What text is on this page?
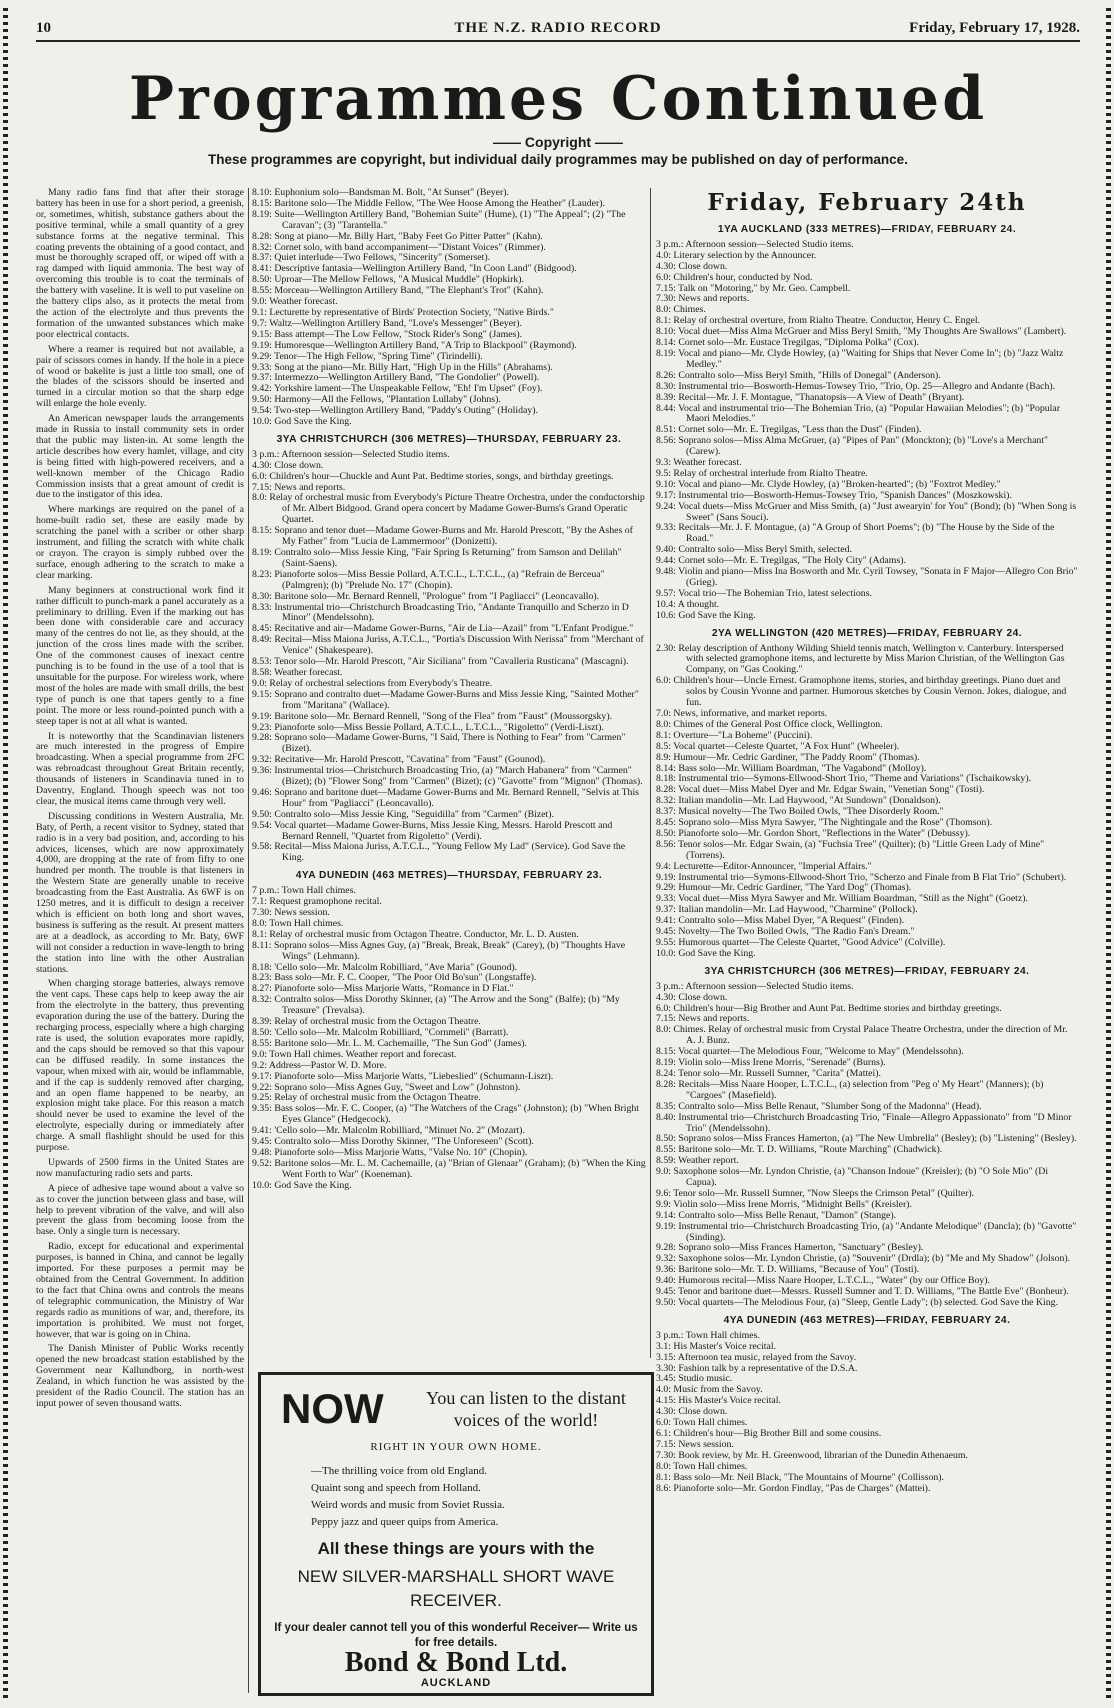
10	THE N.Z. RADIO RECORD	Friday, February 17, 1928.
Programmes Continued
—— Copyright ——
These programmes are copyright, but individual daily programmes may be published on day of performance.

Many radio fans find that after their storage battery has been in use for a short period, a greenish, or, sometimes, whitish, substance gathers about the positive terminal, while a small quantity of a grey substance forms at the negative terminal. This coating prevents the obtaining of a good contact, and must be thoroughly scraped off, or wiped off with a rag damped with liquid ammonia. The best way of overcoming this trouble is to coat the terminals of the battery with vaseline. It is well to put vaseline on the battery clips also, as it protects the metal from the action of the electrolyte and thus prevents the formation of the unwanted substances which make poor electrical contacts.

Where a reamer is required but not available, a pair of scissors comes in handy. If the hole in a piece of wood or bakelite is just a little too small, one of the blades of the scissors should be inserted and turned in a circular motion so that the sharp edge will enlarge the hole evenly.

An American newspaper lauds the arrangements made in Russia to install community sets in order that the public may listen-in. At some length the article describes how every hamlet, village, and city is being fitted with high-powered receivers, and a well-known member of the Chicago Radio Commission insists that a great amount of credit is due to the instigator of this idea.

Where markings are required on the panel of a home-built radio set, these are easily made by scratching the panel with a scriber or other sharp instrument, and filling the scratch with white chalk or crayon. The crayon is simply rubbed over the surface, enough adhering to the scratch to make a clear marking.

Many beginners at constructional work find it rather difficult to punch-mark a panel accurately as a preliminary to drilling. Even if the marking out has been done with considerable care and accuracy many of the centres do not lie, as they should, at the junction of the cross lines made with the scriber. One of the commonest causes of inexact centre punching is to be found in the use of a tool that is unsuitable for the purpose. For wireless work, where most of the holes are made with small drills, the best type of punch is one that tapers gently to a fine point. The more or less round-pointed punch with a steep taper is not at all what is wanted.

It is noteworthy that the Scandinavian listeners are much interested in the progress of Empire broadcasting. When a special programme from 2FC was rebroadcast throughout Great Britain recently, thousands of listeners in Scandinavia tuned in to Daventry, England. Though speech was not too clear, the musical items came through very well.

Discussing conditions in Western Australia, Mr. Baty, of Perth, a recent visitor to Sydney, stated that radio is in a very bad position, and, according to his advices, licenses, which are now approximately 4,000, are dropping at the rate of from fifty to one hundred per month. The trouble is that listeners in the Western State are generally unable to receive broadcasting from the East Australia. As 6WF is on 1250 metres, and it is difficult to design a receiver which is efficient on both long and short waves, business is suffering as the result. At present matters are at a deadlock, as according to Mr. Baty, 6WF will not consider a reduction in wave-length to bring the station into line with the other Australian stations.

When charging storage batteries, always remove the vent caps. These caps help to keep away the air from the electrolyte in the battery, thus preventing evaporation during the use of the battery. During the recharging process, especially where a high charging rate is used, the solution evaporates more rapidly, and the caps should be removed so that this vapour can be diffused readily. In some instances the vapour, when mixed with air, would be inflammable, and if the cap is suddenly removed after charging, and an open flame happened to be nearby, an explosion might take place. For this reason a match should never be used to examine the level of the electrolyte, especially during or immediately after charge. A small flashlight should be used for this purpose.

Upwards of 2500 firms in the United States are now manufacturing radio sets and parts.

A piece of adhesive tape wound about a valve so as to cover the junction between glass and base, will help to prevent vibration of the valve, and will also prevent the glass from becoming loose from the base. Only a single turn is necessary.

Radio, except for educational and experimental purposes, is banned in China, and cannot be legally imported. For these purposes a permit may be obtained from the Central Government. In addition to the fact that China owns and controls the means of telegraphic communication, the Ministry of War regards radio as munitions of war, and, therefore, its importation is prohibited. We must not forget, however, that war is going on in China.

The Danish Minister of Public Works recently opened the new broadcast station established by the Government near Kallundborg, in north-west Zealand, in which function he was assisted by the president of the Radio Council. The station has an input power of seven thousand watts.

8.10: Euphonium solo—Bandsman M. Bolt, "At Sunset" (Beyer).
8.15: Baritone solo—The Middle Fellow, "The Wee Hoose Among the Heather" (Lauder).
8.19: Suite—Wellington Artillery Band, "Bohemian Suite" (Hume), (1) "The Appeal"; (2) "The Caravan"; (3) "Tarantella."
8.28: Song at piano—Mr. Billy Hart, "Baby Feet Go Pitter Patter" (Kahn).
8.32: Cornet solo, with band accompaniment—"Distant Voices" (Rimmer).
8.37: Quiet interlude—Two Fellows, "Sincerity" (Somerset).
8.41: Descriptive fantasia—Wellington Artillery Band, "In Coon Land" (Bidgood).
8.50: Uproar—The Mellow Fellows, "A Musical Muddle" (Hopkirk).
8.55: Morceau—Wellington Artillery Band, "The Elephant's Trot" (Kahn).
9.0: Weather forecast.
9.1: Lecturette by representative of Birds' Protection Society, "Native Birds."
9.7: Waltz—Wellington Artillery Band, "Love's Messenger" (Beyer).
9.15: Bass attempt—The Low Fellow, "Stock Rider's Song" (James).
9.19: Humoresque—Wellington Artillery Band, "A Trip to Blackpool" (Raymond).
9.29: Tenor—The High Fellow, "Spring Time" (Tirindelli).
9.33: Song at the piano—Mr. Billy Hart, "High Up in the Hills" (Abrahams).
9.37: Intermezzo—Wellington Artillery Band, "The Gondolier" (Powell).
9.42: Yorkshire lament—The Unspeakable Fellow, "Eh! I'm Upset" (Foy).
9.50: Harmony—All the Fellows, "Plantation Lullaby" (Johns).
9.54: Two-step—Wellington Artillery Band, "Paddy's Outing" (Holiday).
10.0: God Save the King.
3YA CHRISTCHURCH (306 METRES)—THURSDAY, FEBRUARY 23.
3 p.m.: Afternoon session—Selected Studio items.
4.30: Close down.
6.0: Children's hour—Chuckle and Aunt Pat. Bedtime stories, songs, and birthday greetings.
7.15: News and reports.
8.0: Relay of orchestral music from Everybody's Picture Theatre Orchestra, under the conductorship of Mr. Albert Bidgood. Grand opera concert by Madame Gower-Burns's Grand Operatic Quartet.
8.15: Soprano and tenor duet—Madame Gower-Burns and Mr. Harold Prescott, "By the Ashes of My Father" from "Lucia de Lammermoor" (Donizetti).
8.19: Contralto solo—Miss Jessie King, "Fair Spring Is Returning" from Samson and Delilah" (Saint-Saens).
8.23: Pianoforte solos—Miss Bessie Pollard, A.T.C.L., L.T.C.L., (a) "Refrain de Berceua" (Palmgren); (b) "Prelude No. 17" (Chopin).
8.30: Baritone solo—Mr. Bernard Rennell, "Prologue" from "I Pagliacci" (Leoncavallo).
8.33: Instrumental trio—Christchurch Broadcasting Trio, "Andante Tranquillo and Scherzo in D Minor" (Mendelssohn).
8.45: Recitative and air—Madame Gower-Burns, "Air de Lia—Azail" from "L'Enfant Prodigue."
8.49: Recital—Miss Maiona Juriss, A.T.C.L., "Portia's Discussion With Nerissa" from "Merchant of Venice" (Shakespeare).
8.53: Tenor solo—Mr. Harold Prescott, "Air Siciliana" from "Cavalleria Rusticana" (Mascagni).
8.58: Weather forecast.
9.0: Relay of orchestral selections from Everybody's Theatre.
9.15: Soprano and contralto duet—Madame Gower-Burns and Miss Jessie King, "Sainted Mother" from "Maritana" (Wallace).
9.19: Baritone solo—Mr. Bernard Rennell, "Song of the Flea" from "Faust" (Moussorgsky).
9.23: Pianoforte solo—Miss Bessie Pollard, A.T.C.L., L.T.C.L., "Rigoletto" (Verdi-Liszt).
9.28: Soprano solo—Madame Gower-Burns, "I Said, There is Nothing to Fear" from "Carmen" (Bizet).
9.32: Recitative—Mr. Harold Prescott, "Cavatina" from "Faust" (Gounod).
9.36: Instrumental trios—Christchurch Broadcasting Trio, (a) "March Habanera" from "Carmen" (Bizet); (b) "Flower Song" from "Carmen" (Bizet); (c) "Gavotte" from "Mignon" (Thomas).
9.46: Soprano and baritone duet—Madame Gower-Burns and Mr. Bernard Rennell, "Selvis at This Hour" from "Pagliacci" (Leoncavallo).
9.50: Contralto solo—Miss Jessie King, "Seguidilla" from "Carmen" (Bizet).
9.54: Vocal quartet—Madame Gower-Burns, Miss Jessie King, Messrs. Harold Prescott and Bernard Rennell, "Quartet from Rigoletto" (Verdi).
9.58: Recital—Miss Maiona Juriss, A.T.C.L., "Young Fellow My Lad" (Service). God Save the King.
4YA DUNEDIN (463 METRES)—THURSDAY, FEBRUARY 23.
7 p.m.: Town Hall chimes.
7.1: Request gramophone recital.
7.30: News session.
8.0: Town Hall chimes.
8.1: Relay of orchestral music from Octagon Theatre. Conductor, Mr. L. D. Austen.
8.11: Soprano solos—Miss Agnes Guy, (a) "Break, Break, Break" (Carey), (b) "Thoughts Have Wings" (Lehmann).
8.18: 'Cello solo—Mr. Malcolm Robilliard, "Ave Maria" (Gounod).
8.23: Bass solo—Mr. F. C. Cooper, "The Poor Old Bo'sun" (Longstaffe).
8.27: Pianoforte solo—Miss Marjorie Watts, "Romance in D Flat."
8.32: Contralto solos—Miss Dorothy Skinner, (a) "The Arrow and the Song" (Balfe); (b) "My Treasure" (Trevalsa).
8.39: Relay of orchestral music from the Octagon Theatre.
8.50: 'Cello solo—Mr. Malcolm Robilliard, "Cornmeli" (Barratt).
8.55: Baritone solo—Mr. L. M. Cachemaille, "The Sun God" (James).
9.0: Town Hall chimes. Weather report and forecast.
9.2: Address—Pastor W. D. More.
9.17: Pianoforte solo—Miss Marjorie Watts, "Liebeslied" (Schumann-Liszt).
9.22: Soprano solo—Miss Agnes Guy, "Sweet and Low" (Johnston).
9.25: Relay of orchestral music from the Octagon Theatre.
9.35: Bass solos—Mr. F. C. Cooper, (a) "The Watchers of the Crags" (Johnston); (b) "When Bright Eyes Glance" (Hedgecock).
9.41: 'Cello solo—Mr. Malcolm Robilliard, "Minuet No. 2" (Mozart).
9.45: Contralto solo—Miss Dorothy Skinner, "The Unforeseen" (Scott).
9.48: Pianoforte solo—Miss Marjorie Watts, "Valse No. 10" (Chopin).
9.52: Baritone solos—Mr. L. M. Cachemaille, (a) "Brian of Glenaar" (Graham); (b) "When the King Went Forth to War" (Koeneman).
10.0: God Save the King.
NOW	You can listen to the distant voices of the world!
RIGHT IN YOUR OWN HOME.
—The thrilling voice from old England.
Quaint song and speech from Holland.
Weird words and music from Soviet Russia.
Peppy jazz and queer quips from America.
All these things are yours with the
NEW SILVER-MARSHALL SHORT WAVE RECEIVER.
If your dealer cannot tell you of this wonderful Receiver— Write us for free details.
Bond & Bond Ltd.
AUCKLAND
Friday, February 24th
1YA AUCKLAND (333 METRES)—FRIDAY, FEBRUARY 24.
3 p.m.: Afternoon session—Selected Studio items.
4.0: Literary selection by the Announcer.
4.30: Close down.
6.0: Children's hour, conducted by Nod.
7.15: Talk on "Motoring," by Mr. Geo. Campbell.
7.30: News and reports.
8.0: Chimes.
8.1: Relay of orchestral overture, from Rialto Theatre. Conductor, Henry C. Engel.
8.10: Vocal duet—Miss Alma McGruer and Miss Beryl Smith, "My Thoughts Are Swallows" (Lambert).
8.14: Cornet solo—Mr. Eustace Tregilgas, "Diploma Polka" (Cox).
8.19: Vocal and piano—Mr. Clyde Howley, (a) "Waiting for Ships that Never Come In"; (b) "Jazz Waltz Medley."
8.26: Contralto solo—Miss Beryl Smith, "Hills of Donegal" (Anderson).
8.30: Instrumental trio—Bosworth-Hemus-Towsey Trio, "Trio, Op. 25—Allegro and Andante (Bach).
8.39: Recital—Mr. J. F. Montague, "Thanatopsis—A View of Death" (Bryant).
8.44: Vocal and instrumental trio—The Bohemian Trio, (a) "Popular Hawaiian Melodies"; (b) "Popular Maori Melodies."
8.51: Cornet solo—Mr. E. Tregilgas, "Less than the Dust" (Finden).
8.56: Soprano solos—Miss Alma McGruer, (a) "Pipes of Pan" (Monckton); (b) "Love's a Merchant" (Carew).
9.3: Weather forecast.
9.5: Relay of orchestral interlude from Rialto Theatre.
9.10: Vocal and piano—Mr. Clyde Howley, (a) "Broken-hearted"; (b) "Foxtrot Medley."
9.17: Instrumental trio—Bosworth-Hemus-Towsey Trio, "Spanish Dances" (Moszkowski).
9.24: Vocal duets—Miss McGruer and Miss Smith, (a) "Just awearyin' for You" (Bond); (b) "When Song is Sweet" (Sans Souci).
9.33: Recitals—Mr. J. F. Montague, (a) "A Group of Short Poems"; (b) "The House by the Side of the Road."
9.40: Contralto solo—Miss Beryl Smith, selected.
9.44: Cornet solo—Mr. E. Tregilgas, "The Holy City" (Adams).
9.48: Violin and piano—Miss Ina Bosworth and Mr. Cyril Towsey, "Sonata in F Major—Allegro Con Brio" (Grieg).
9.57: Vocal trio—The Bohemian Trio, latest selections.
10.4: A thought.
10.6: God Save the King.
2YA WELLINGTON (420 METRES)—FRIDAY, FEBRUARY 24.
2.30: Relay description of Anthony Wilding Shield tennis match, Wellington v. Canterbury. Interspersed with selected gramophone items, and lecturette by Miss Marion Christian, of the Wellington Gas Company, on "Gas Cooking."
6.0: Children's hour—Uncle Ernest. Gramophone items, stories, and birthday greetings. Piano duet and solos by Cousin Yvonne and partner. Humorous sketches by Cousin Vernon. Jokes, dialogue, and fun.
7.0: News, informative, and market reports.
8.0: Chimes of the General Post Office clock, Wellington.
8.1: Overture—"La Boheme" (Puccini).
8.5: Vocal quartet—Celeste Quartet, "A Fox Hunt" (Wheeler).
8.9: Humour—Mr. Cedric Gardiner, "The Paddy Room" (Thomas).
8.14: Bass solo—Mr. William Boardman, "The Vagabond" (Molloy).
8.18: Instrumental trio—Symons-Ellwood-Short Trio, "Theme and Variations" (Tschaikowsky).
8.28: Vocal duet—Miss Mabel Dyer and Mr. Edgar Swain, "Venetian Song" (Tosti).
8.32: Italian mandolin—Mr. Lad Haywood, "At Sundown" (Donaldson).
8.37: Musical novelty—The Two Boiled Owls, "Thee Disorderly Room."
8.45: Soprano solo—Miss Myra Sawyer, "The Nightingale and the Rose" (Thomson).
8.50: Pianoforte solo—Mr. Gordon Short, "Reflections in the Water" (Debussy).
8.56: Tenor solos—Mr. Edgar Swain, (a) "Fuchsia Tree" (Quilter); (b) "Little Green Lady of Mine" (Torrens).
9.4: Lecturette—Editor-Announcer, "Imperial Affairs."
9.19: Instrumental trio—Symons-Ellwood-Short Trio, "Scherzo and Finale from B Flat Trio" (Schubert).
9.29: Humour—Mr. Cedric Gardiner, "The Yard Dog" (Thomas).
9.33: Vocal duet—Miss Myra Sawyer and Mr. William Boardman, "Still as the Night" (Goetz).
9.37: Italian mandolin—Mr. Lad Haywood, "Charmine" (Pollock).
9.41: Contralto solo—Miss Mabel Dyer, "A Request" (Finden).
9.45: Novelty—The Two Boiled Owls, "The Radio Fan's Dream."
9.55: Humorous quartet—The Celeste Quartet, "Good Advice" (Colville).
10.0: God Save the King.
3YA CHRISTCHURCH (306 METRES)—FRIDAY, FEBRUARY 24.
3 p.m.: Afternoon session—Selected Studio items.
4.30: Close down.
6.0: Children's hour—Big Brother and Aunt Pat. Bedtime stories and birthday greetings.
7.15: News and reports.
8.0: Chimes. Relay of orchestral music from Crystal Palace Theatre Orchestra, under the direction of Mr. A. J. Bunz.
8.15: Vocal quartet—The Melodious Four, "Welcome to May" (Mendelssohn).
8.19: Violin solo—Miss Irene Morris, "Serenade" (Burns).
8.24: Tenor solo—Mr. Russell Sumner, "Carita" (Mattei).
8.28: Recitals—Miss Naare Hooper, L.T.C.L., (a) selection from "Peg o' My Heart" (Manners); (b) "Cargoes" (Masefield).
8.35: Contralto solo—Miss Belle Renaut, "Slumber Song of the Madonna" (Head).
8.40: Instrumental trio—Christchurch Broadcasting Trio, "Finale—Allegro Appassionato" from "D Minor Trio" (Mendelssohn).
8.50: Soprano solos—Miss Frances Hamerton, (a) "The New Umbrella" (Besley); (b) "Listening" (Besley).
8.55: Baritone solo—Mr. T. D. Williams, "Route Marching" (Chadwick).
8.59: Weather report.
9.0: Saxophone solos—Mr. Lyndon Christie, (a) "Chanson Indoue" (Kreisler); (b) "O Sole Mio" (Di Capua).
9.6: Tenor solo—Mr. Russell Sumner, "Now Sleeps the Crimson Petal" (Quilter).
9.9: Violin solo—Miss Irene Morris, "Midnight Bells" (Kreisler).
9.14: Contralto solo—Miss Belle Renaut, "Damon" (Stange).
9.19: Instrumental trio—Christchurch Broadcasting Trio, (a) "Andante Melodique" (Dancla); (b) "Gavotte" (Sinding).
9.28: Soprano solo—Miss Frances Hamerton, "Sanctuary" (Besley).
9.32: Saxophone solos—Mr. Lyndon Christie, (a) "Souvenir" (Drdla); (b) "Me and My Shadow" (Jolson).
9.36: Baritone solo—Mr. T. D. Williams, "Because of You" (Tosti).
9.40: Humorous recital—Miss Naare Hooper, L.T.C.L., "Water" (by our Office Boy).
9.45: Tenor and baritone duet—Messrs. Russell Sumner and T. D. Williams, "The Battle Eve" (Bonheur).
9.50: Vocal quartets—The Melodious Four, (a) "Sleep, Gentle Lady"; (b) selected. God Save the King.
4YA DUNEDIN (463 METRES)—FRIDAY, FEBRUARY 24.
3 p.m.: Town Hall chimes.
3.1: His Master's Voice recital.
3.15: Afternoon tea music, relayed from the Savoy.
3.30: Fashion talk by a representative of the D.S.A.
3.45: Studio music.
4.0: Music from the Savoy.
4.15: His Master's Voice recital.
4.30: Close down.
6.0: Town Hall chimes.
6.1: Children's hour—Big Brother Bill and some cousins.
7.15: News session.
7.30: Book review, by Mr. H. Greenwood, librarian of the Dunedin Athenaeum.
8.0: Town Hall chimes.
8.1: Bass solo—Mr. Neil Black, "The Mountains of Mourne" (Collisson).
8.6: Pianoforte solo—Mr. Gordon Findlay, "Pas de Charges" (Mattei).
